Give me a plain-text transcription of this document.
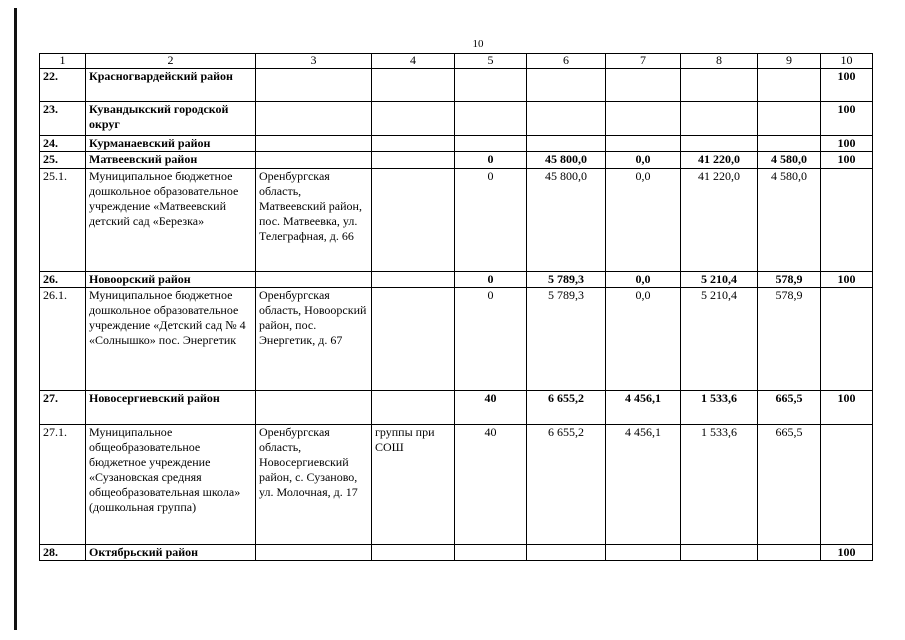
10
1	2	3	4	5	6	7	8	9	10
22.	Красногвардейский район								100
23.	Кувандыкский городской округ								100
24.	Курманаевский район								100
25.	Матвеевский район			0	45 800,0	0,0	41 220,0	4 580,0	100
25.1.	Муниципальное бюджетное дошкольное образовательное учреждение «Матвеевский детский сад «Березка»	Оренбургская область, Матвеевский район, пос. Матвеевка, ул. Телеграфная, д. 66		0	45 800,0	0,0	41 220,0	4 580,0	
26.	Новоорский район			0	5 789,3	0,0	5 210,4	578,9	100
26.1.	Муниципальное бюджетное дошкольное образовательное учреждение «Детский сад № 4 «Солнышко» пос. Энергетик	Оренбургская область, Новоорский район, пос. Энергетик, д. 67		0	5 789,3	0,0	5 210,4	578,9	
27.	Новосергиевский район			40	6 655,2	4 456,1	1 533,6	665,5	100
27.1.	Муниципальное общеобразовательное бюджетное учреждение «Сузановская средняя общеобразовательная школа» (дошкольная группа)	Оренбургская область, Новосергиевский район, с. Сузаново, ул. Молочная, д. 17	группы при СОШ	40	6 655,2	4 456,1	1 533,6	665,5	
28.	Октябрьский район								100
